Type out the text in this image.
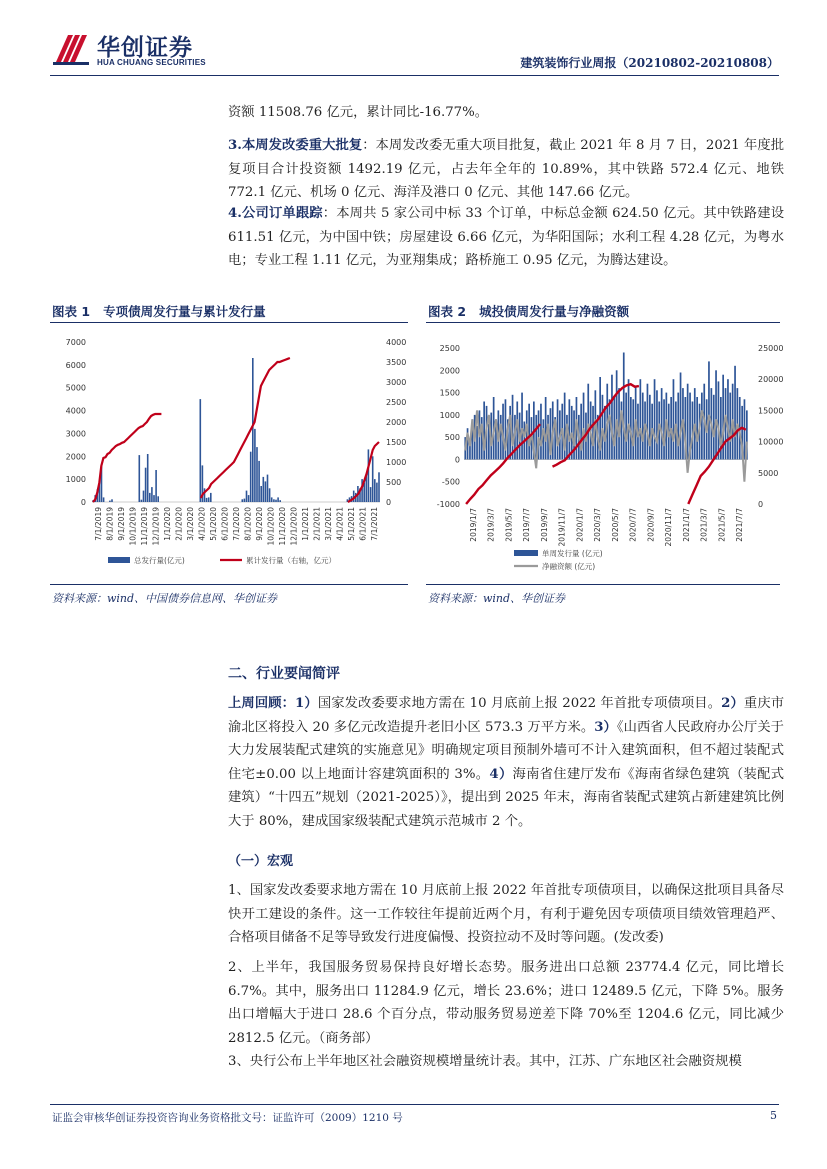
华创证券
HUA CHUANG SECURITIES	建筑装饰行业周报（20210802-20210808）
资额 11508.76 亿元，累计同比-16.77%。
3.本周发改委重大批复：本周发改委无重大项目批复，截止 2021 年 8 月 7 日，2021 年度批复项目合计投资额 1492.19 亿元，占去年全年的 10.89%，其中铁路 572.4 亿元、地铁 772.1 亿元、机场 0 亿元、海洋及港口 0 亿元、其他 147.66 亿元。
4.公司订单跟踪：本周共 5 家公司中标 33 个订单，中标总金额 624.50 亿元。其中铁路建设 611.51 亿元，为中国中铁；房屋建设 6.66 亿元，为华阳国际；水利工程 4.28 亿元，为粤水电；专业工程 1.11 亿元，为亚翔集成；路桥施工 0.95 亿元，为腾达建设。
图表 1 专项债周发行量与累计发行量
7000
6000
5000
4000
3000
2000
1000
0
4000
3500
3000
2500
2000
1500
1000
500
0
7/1/2019 8/1/2019 9/1/2019 10/1/2019 11/1/2019 12/1/2019 1/1/2020 2/1/2020 3/1/2020 4/1/2020 5/1/2020 6/1/2020 7/1/2020 8/1/2020 9/1/2020 10/1/2020 11/1/2020 12/1/2020 1/1/2021 2/1/2021 3/1/2021 4/1/2021 5/1/2021 6/1/2021 7/1/2021
总发行量(亿元)	累计发行量（右轴，亿元）
资料来源：wind、中国债券信息网、华创证券
图表 2 城投债周发行量与净融资额
2500
2000
1500
1000
500
0
-500
-1000
25000
20000
15000
10000
5000
0
2019/1/7 2019/3/7 2019/5/7 2019/7/7 2019/9/7 2019/11/7 2020/1/7 2020/3/7 2020/5/7 2020/7/7 2020/9/7 2020/11/7 2021/1/7 2021/3/7 2021/5/7 2021/7/7
单周发行量 (亿元)
净融资额 (亿元)
资料来源：wind、华创证券
二、行业要闻简评
上周回顾：1）国家发改委要求地方需在 10 月底前上报 2022 年首批专项债项目。2）重庆市渝北区将投入 20 多亿元改造提升老旧小区 573.3 万平方米。3）《山西省人民政府办公厅关于大力发展装配式建筑的实施意见》明确规定项目预制外墙可不计入建筑面积，但不超过装配式住宅±0.00 以上地面计容建筑面积的 3%。4）海南省住建厅发布《海南省绿色建筑（装配式建筑）“十四五”规划（2021-2025）》，提出到 2025 年末，海南省装配式建筑占新建建筑比例大于 80%，建成国家级装配式建筑示范城市 2 个。
（一）宏观
1、国家发改委要求地方需在 10 月底前上报 2022 年首批专项债项目，以确保这批项目具备尽快开工建设的条件。这一工作较往年提前近两个月，有利于避免因专项债项目绩效管理趋严、合格项目储备不足等导致发行进度偏慢、投资拉动不及时等问题。(发改委)
2、上半年，我国服务贸易保持良好增长态势。服务进出口总额 23774.4 亿元，同比增长 6.7%。其中，服务出口 11284.9 亿元，增长 23.6%；进口 12489.5 亿元，下降 5%。服务出口增幅大于进口 28.6 个百分点，带动服务贸易逆差下降 70%至 1204.6 亿元，同比减少 2812.5 亿元。（商务部）
3、央行公布上半年地区社会融资规模增量统计表。其中，江苏、广东地区社会融资规模
证监会审核华创证券投资咨询业务资格批文号：证监许可（2009）1210 号	5
